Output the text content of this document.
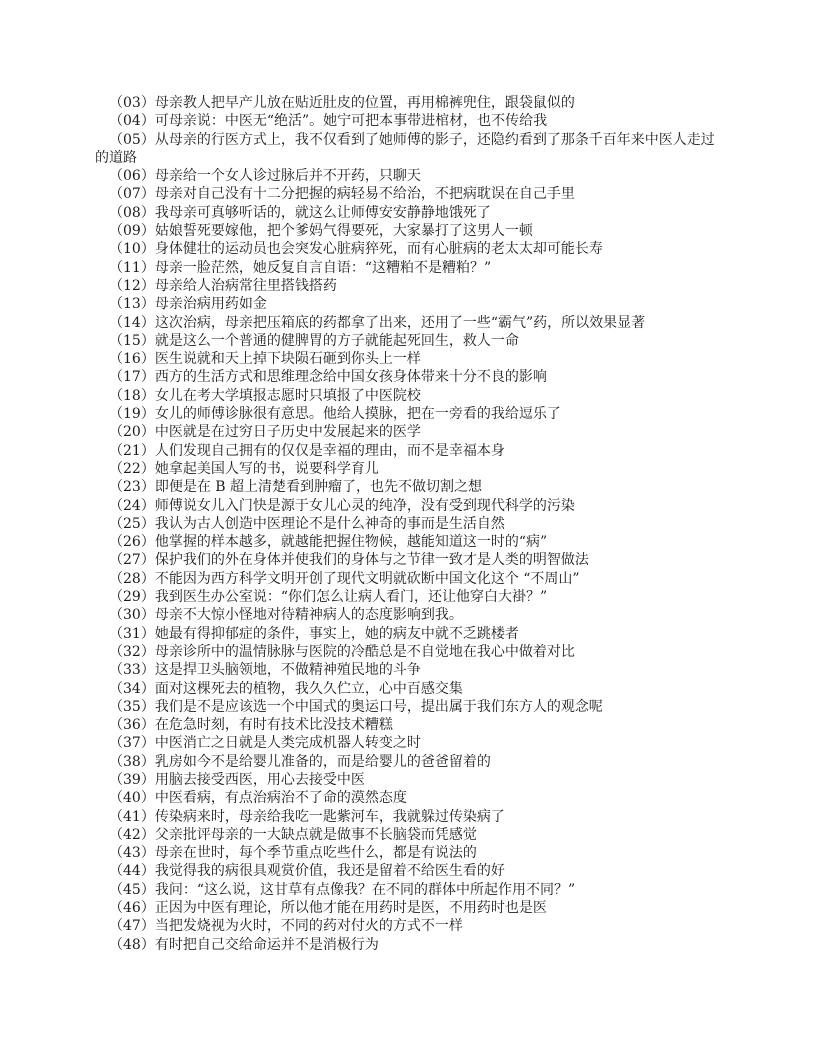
（03）母亲教人把早产儿放在贴近肚皮的位置，再用棉裤兜住，跟袋鼠似的

（04）可母亲说：中医无“绝活”。她宁可把本事带进棺材，也不传给我

（05）从母亲的行医方式上，我不仅看到了她师傅的影子，还隐约看到了那条千百年来中医人走过的道路

（06）母亲给一个女人诊过脉后并不开药，只聊天

（07）母亲对自己没有十二分把握的病轻易不给治，不把病耽误在自己手里

（08）我母亲可真够听话的，就这么让师傅安安静静地饿死了

（09）姑娘誓死要嫁他，把个爹妈气得要死，大家暴打了这男人一顿

（10）身体健壮的运动员也会突发心脏病猝死，而有心脏病的老太太却可能长寿

（11）母亲一脸茫然，她反复自言自语：“这糟粕不是糟粕？”

（12）母亲给人治病常往里搭钱搭药

（13）母亲治病用药如金

（14）这次治病，母亲把压箱底的药都拿了出来，还用了一些“霸气”药，所以效果显著

（15）就是这么一个普通的健脾胃的方子就能起死回生，救人一命

（16）医生说就和天上掉下块陨石砸到你头上一样

（17）西方的生活方式和思维理念给中国女孩身体带来十分不良的影响

（18）女儿在考大学填报志愿时只填报了中医院校

（19）女儿的师傅诊脉很有意思。他给人摸脉，把在一旁看的我给逗乐了

（20）中医就是在过穷日子历史中发展起来的医学

（21）人们发现自己拥有的仅仅是幸福的理由，而不是幸福本身

（22）她拿起美国人写的书，说要科学育儿

（23）即便是在 B 超上清楚看到肿瘤了，也先不做切割之想

（24）师傅说女儿入门快是源于女儿心灵的纯净，没有受到现代科学的污染

（25）我认为古人创造中医理论不是什么神奇的事而是生活自然

（26）他掌握的样本越多，就越能把握住物候，越能知道这一时的“病”

（27）保护我们的外在身体并使我们的身体与之节律一致才是人类的明智做法

（28）不能因为西方科学文明开创了现代文明就砍断中国文化这个 “不周山”

（29）我到医生办公室说：“你们怎么让病人看门，还让他穿白大褂？”

（30）母亲不大惊小怪地对待精神病人的态度影响到我。

（31）她最有得抑郁症的条件，事实上，她的病友中就不乏跳楼者

（32）母亲诊所中的温情脉脉与医院的冷酷总是不自觉地在我心中做着对比

（33）这是捍卫头脑领地，不做精神殖民地的斗争

（34）面对这棵死去的植物，我久久伫立，心中百感交集

（35）我们是不是应该选一个中国式的奥运口号，提出属于我们东方人的观念呢

（36）在危急时刻，有时有技术比没技术糟糕

（37）中医消亡之日就是人类完成机器人转变之时

（38）乳房如今不是给婴儿准备的，而是给婴儿的爸爸留着的

（39）用脑去接受西医，用心去接受中医

（40）中医看病，有点治病治不了命的漠然态度

（41）传染病来时，母亲给我吃一匙紫河车，我就躲过传染病了

（42）父亲批评母亲的一大缺点就是做事不长脑袋而凭感觉

（43）母亲在世时，每个季节重点吃些什么，都是有说法的

（44）我觉得我的病很具观赏价值，我还是留着不给医生看的好

（45）我问：“这么说，这甘草有点像我？在不同的群体中所起作用不同？”

（46）正因为中医有理论，所以他才能在用药时是医，不用药时也是医

（47）当把发烧视为火时，不同的药对付火的方式不一样

（48）有时把自己交给命运并不是消极行为
